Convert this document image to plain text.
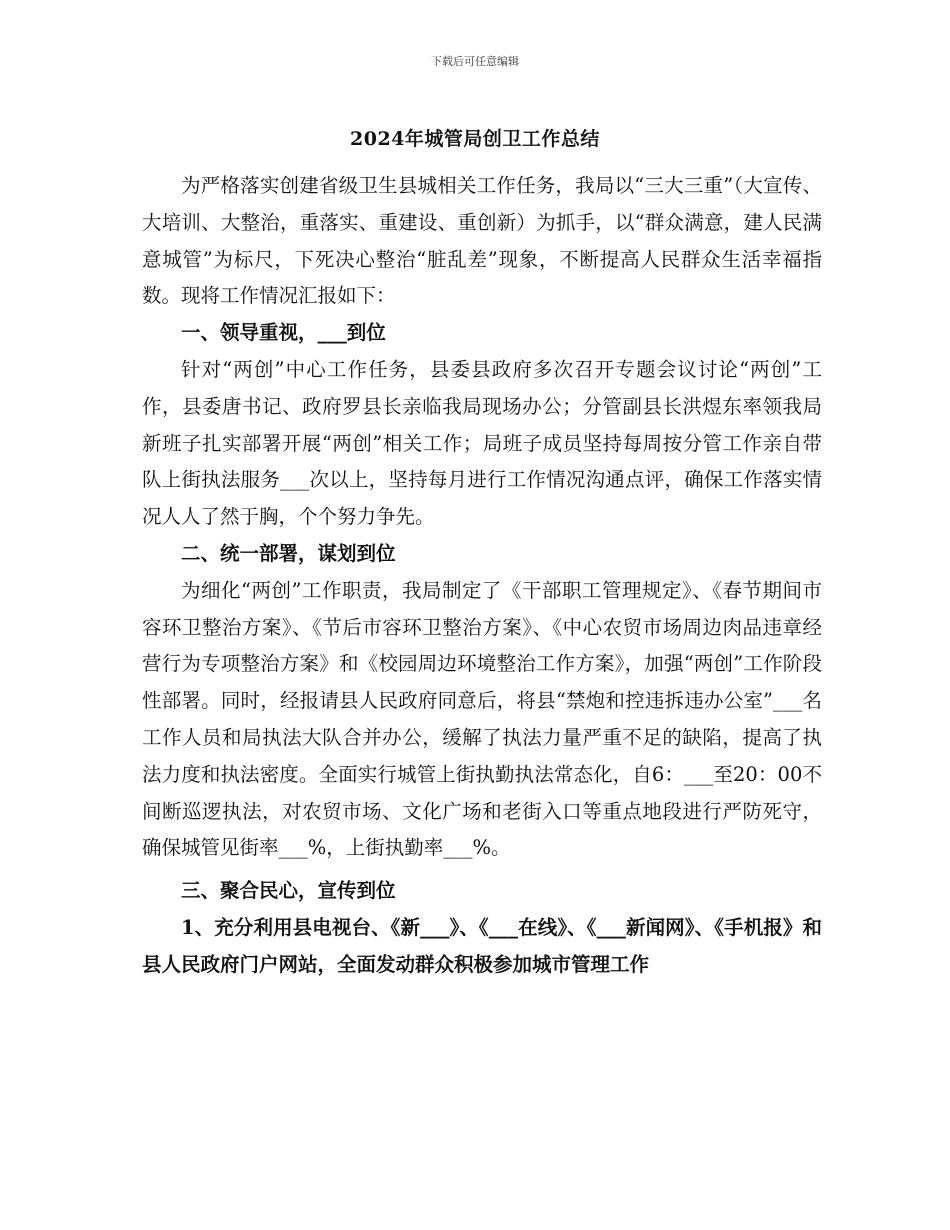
下载后可任意编辑
2024年城管局创卫工作总结

为严格落实创建省级卫生县城相关工作任务，我局以“三大三重”（大宣传、大培训、大整治，重落实、重建设、重创新）为抓手，以“群众满意，建人民满意城管”为标尺，下死决心整治“脏乱差”现象，不断提高人民群众生活幸福指数。现将工作情况汇报如下：

一、领导重视，___到位

针对“两创”中心工作任务，县委县政府多次召开专题会议讨论“两创”工作，县委唐书记、政府罗县长亲临我局现场办公；分管副县长洪煜东率领我局新班子扎实部署开展“两创”相关工作；局班子成员坚持每周按分管工作亲自带队上街执法服务___次以上，坚持每月进行工作情况沟通点评，确保工作落实情况人人了然于胸，个个努力争先。

二、统一部署，谋划到位

为细化“两创”工作职责，我局制定了《干部职工管理规定》、《春节期间市容环卫整治方案》、《节后市容环卫整治方案》、《中心农贸市场周边肉品违章经营行为专项整治方案》和《校园周边环境整治工作方案》，加强“两创”工作阶段性部署。同时，经报请县人民政府同意后，将县“禁炮和控违拆违办公室”___名工作人员和局执法大队合并办公，缓解了执法力量严重不足的缺陷，提高了执法力度和执法密度。全面实行城管上街执勤执法常态化，自6：___至20：00不间断巡逻执法，对农贸市场、文化广场和老街入口等重点地段进行严防死守，确保城管见街率___%，上街执勤率___%。

三、聚合民心，宣传到位

1、充分利用县电视台、《新___》、《___在线》、《___新闻网》、《手机报》和县人民政府门户网站，全面发动群众积极参加城市管理工作
